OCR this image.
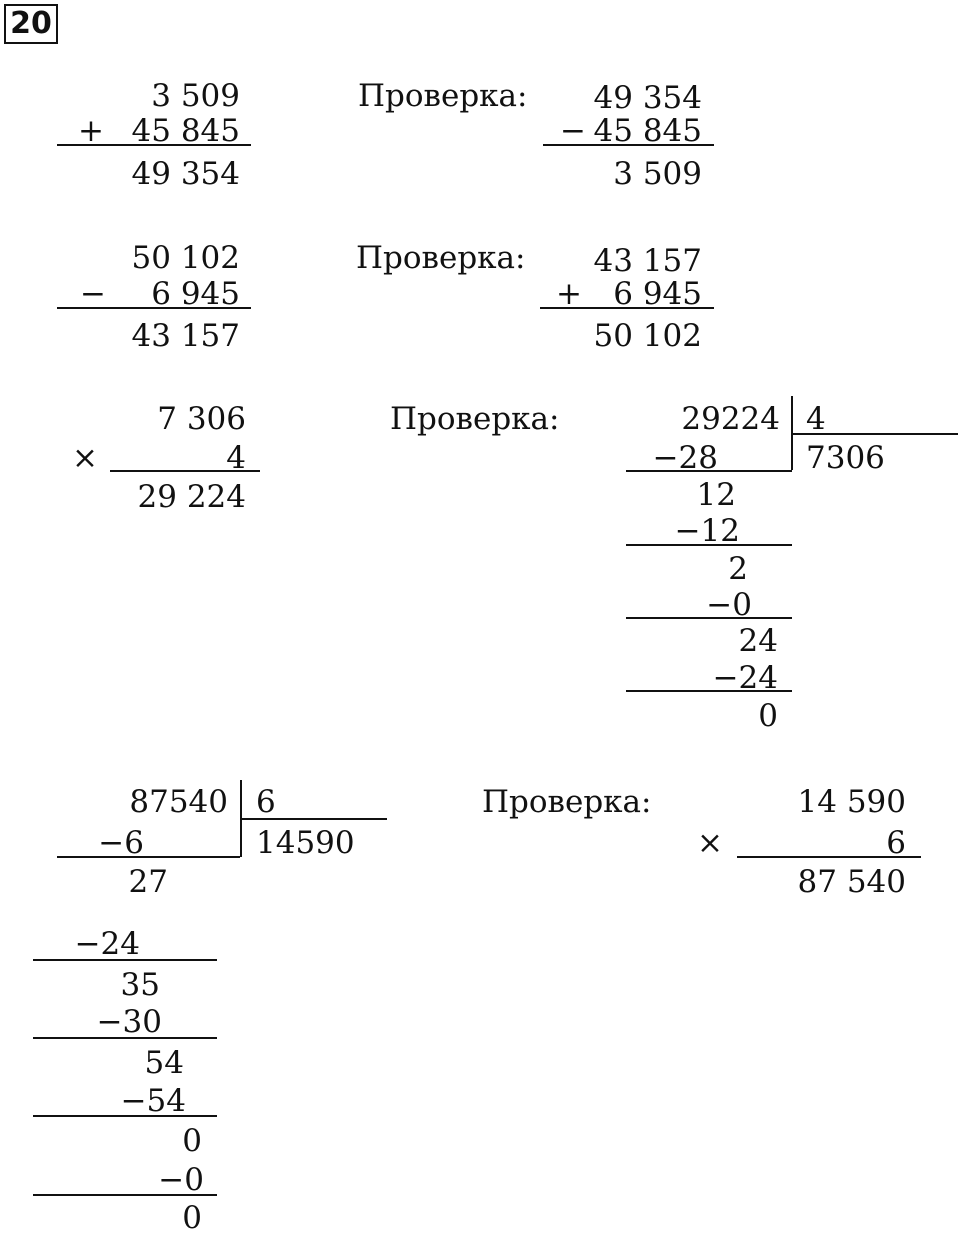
20
3 509
+ 45 845
49 354
Проверка:	49 354
− 45 845
3 509
50 102
−	6 945
43 157
Проверка:	43 157
+	6 945
50 102
7 306
×	4
29 224
Проверка:	29224 4
7306
−28
12
−12
2
−0
24
−24
0
87540 6
14590
−6
27
−24
35
−30
54
−54
0
−0
0
Проверка:	14 590
×	6
87 540
